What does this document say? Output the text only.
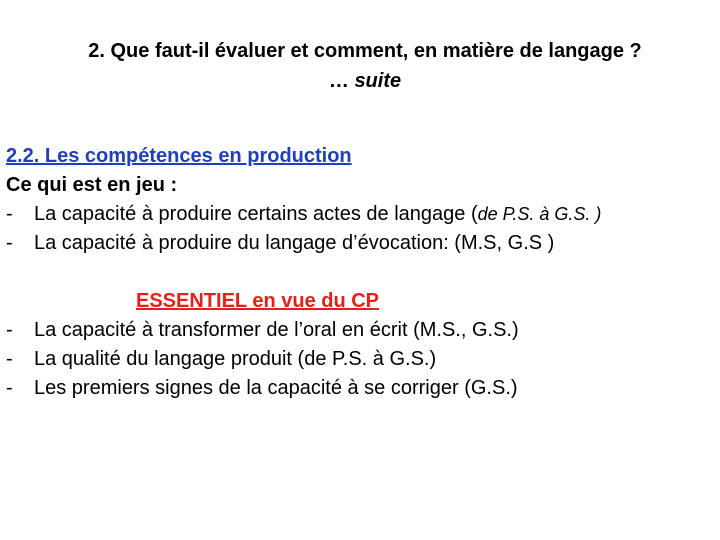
2. Que faut-il évaluer et comment, en matière de langage ?
… suite
2.2. Les compétences en production
Ce qui est en jeu :
-	La capacité à produire certains actes de langage (de P.S. à G.S. )
-	La capacité à produire du langage d’évocation: (M.S, G.S )
ESSENTIEL en vue du CP
-	La capacité à transformer de l’oral en écrit (M.S., G.S.)
-	La qualité du langage produit (de P.S. à G.S.)
-	Les premiers signes de la capacité à se corriger (G.S.)
